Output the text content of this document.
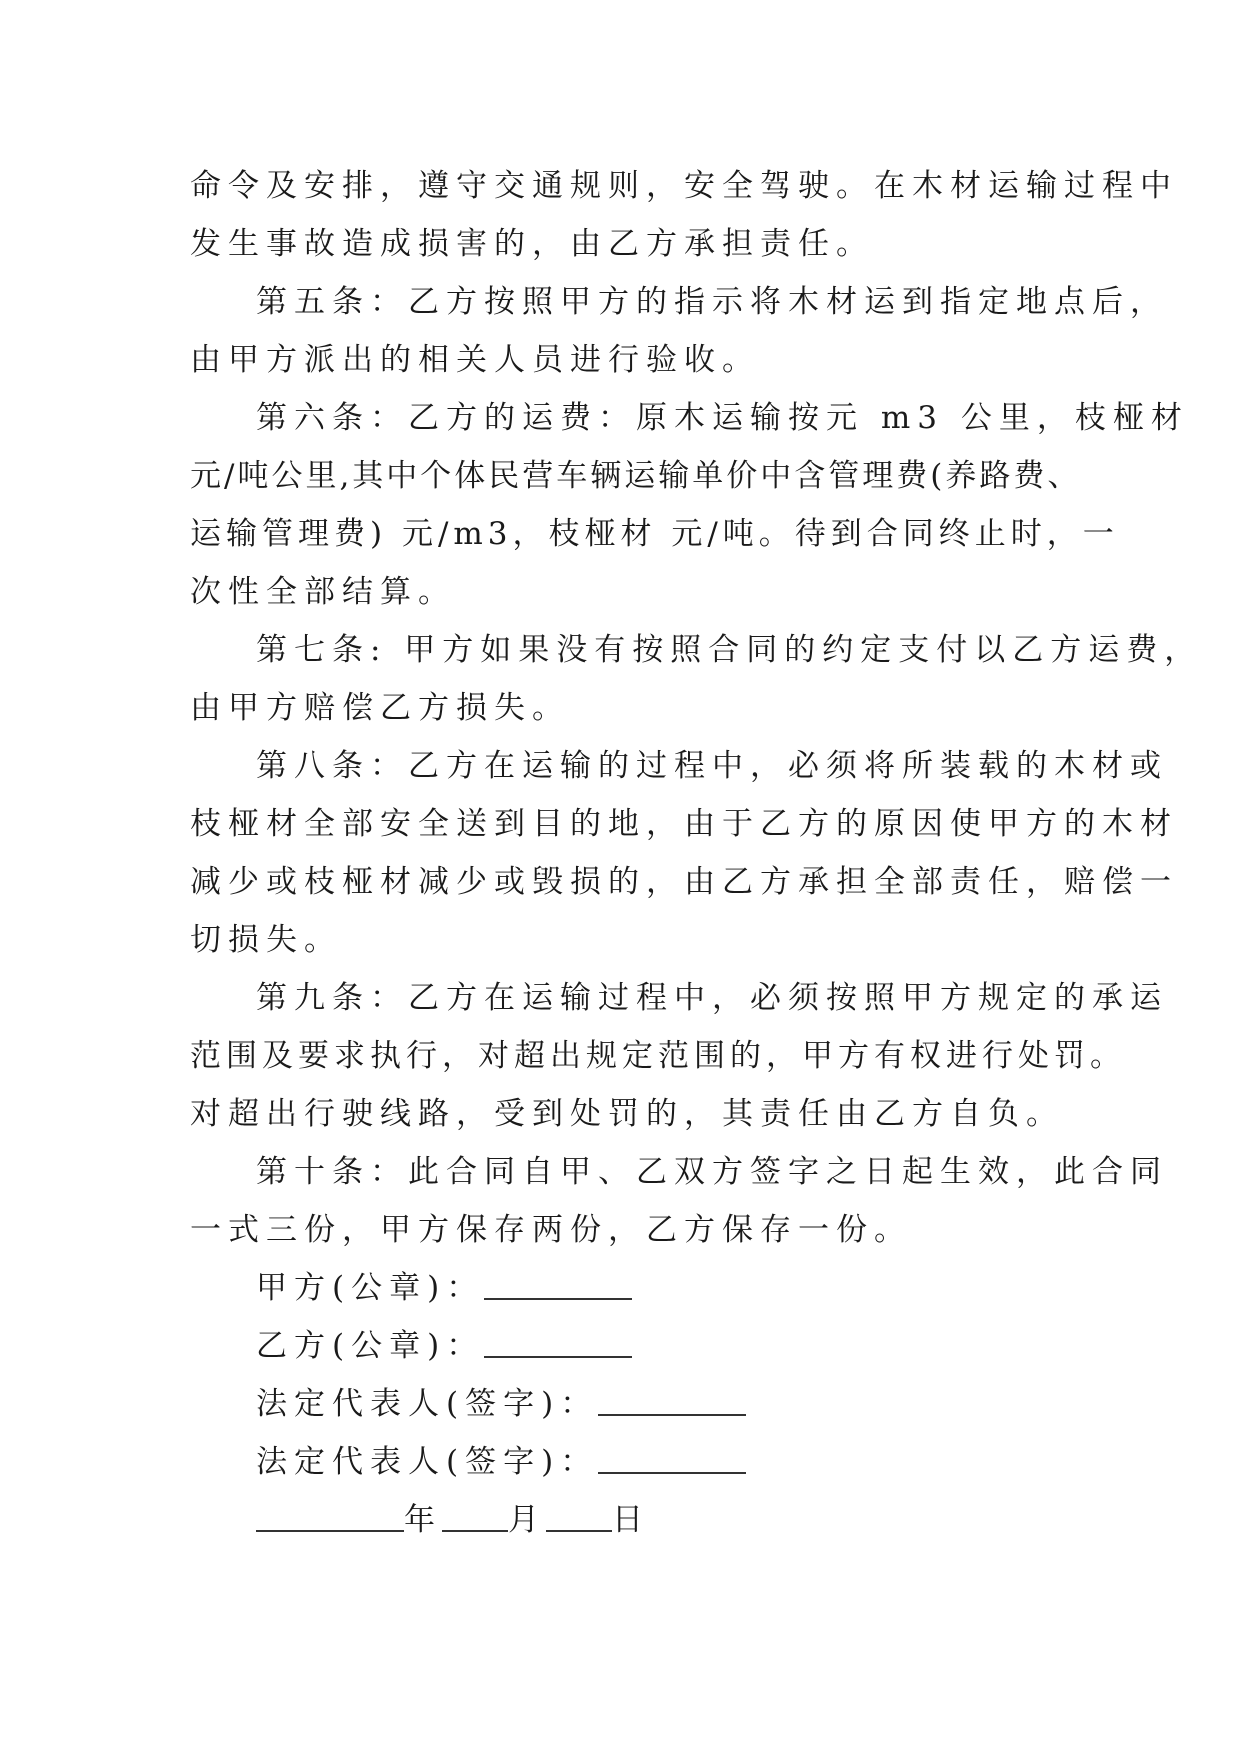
命令及安排，遵守交通规则，安全驾驶。在木材运输过程中
发生事故造成损害的，由乙方承担责任。
第五条：乙方按照甲方的指示将木材运到指定地点后，
由甲方派出的相关人员进行验收。
第六条：乙方的运费：原木运输按元 m3 公里，枝桠材
元/吨公里,其中个体民营车辆运输单价中含管理费(养路费、
运输管理费) 元/m3，枝桠材 元/吨。待到合同终止时，一
次性全部结算。
第七条: 甲方如果没有按照合同的约定支付以乙方运费，
由甲方赔偿乙方损失。
第八条：乙方在运输的过程中，必须将所装载的木材或
枝桠材全部安全送到目的地，由于乙方的原因使甲方的木材
减少或枝桠材减少或毁损的，由乙方承担全部责任，赔偿一
切损失。
第九条：乙方在运输过程中，必须按照甲方规定的承运
范围及要求执行，对超出规定范围的，甲方有权进行处罚。
对超出行驶线路，受到处罚的，其责任由乙方自负。
第十条：此合同自甲、乙双方签字之日起生效，此合同
一式三份，甲方保存两份，乙方保存一份。
甲方(公章)：
乙方(公章)：
法定代表人(签字)：
法定代表人(签字)：
年 月 日
